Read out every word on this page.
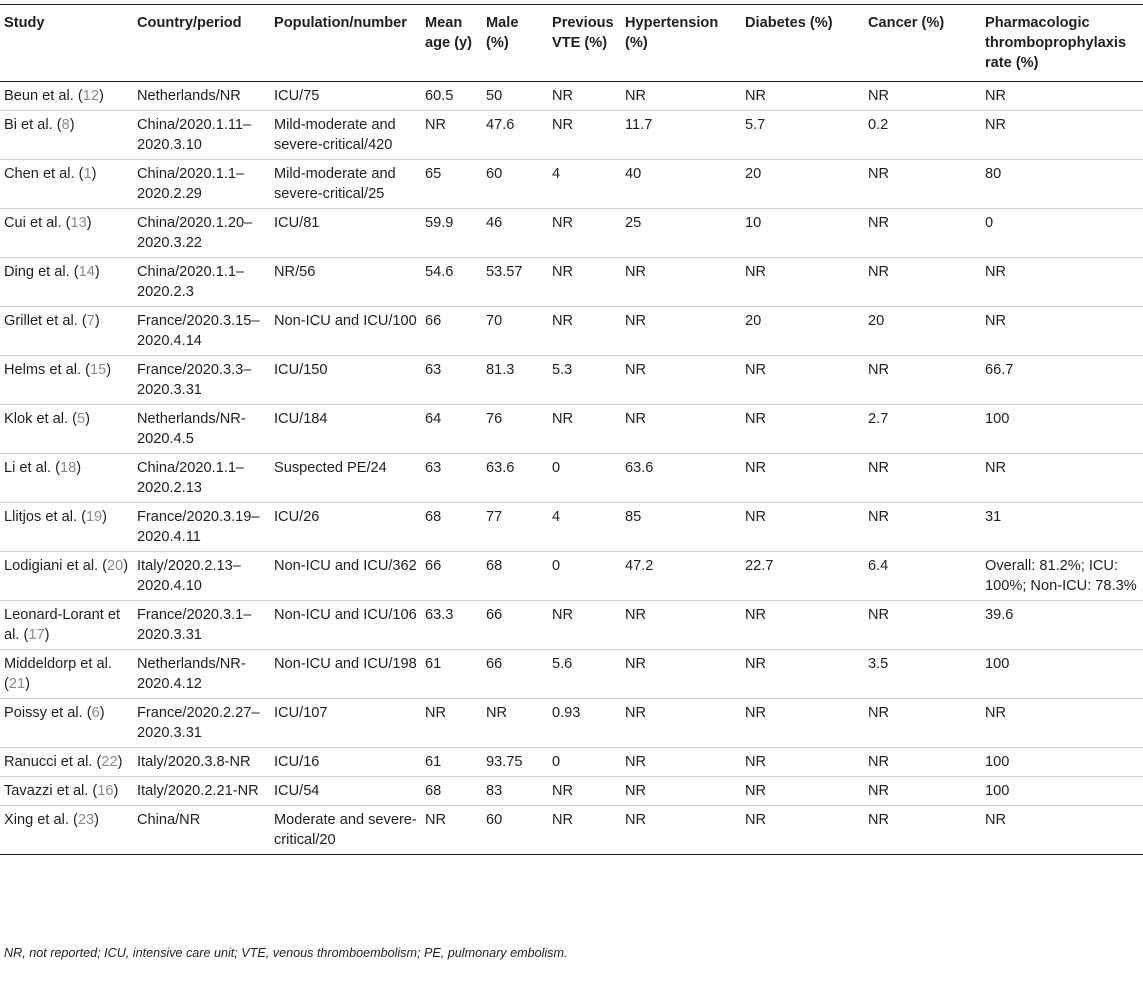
Study	Country/period	Population/number	Mean age (y)	Male (%)	Previous VTE (%)	Hypertension (%)	Diabetes (%)	Cancer (%)	Pharmacologic thromboprophylaxis rate (%)
Beun et al. (12)	Netherlands/NR	ICU/75	60.5	50	NR	NR	NR	NR	NR
Bi et al. (8)	China/2020.1.11–2020.3.10	Mild-moderate and severe-critical/420	NR	47.6	NR	11.7	5.7	0.2	NR
Chen et al. (1)	China/2020.1.1–2020.2.29	Mild-moderate and severe-critical/25	65	60	4	40	20	NR	80
Cui et al. (13)	China/2020.1.20–2020.3.22	ICU/81	59.9	46	NR	25	10	NR	0
Ding et al. (14)	China/2020.1.1–2020.2.3	NR/56	54.6	53.57	NR	NR	NR	NR	NR
Grillet et al. (7)	France/2020.3.15–2020.4.14	Non-ICU and ICU/100	66	70	NR	NR	20	20	NR
Helms et al. (15)	France/2020.3.3–2020.3.31	ICU/150	63	81.3	5.3	NR	NR	NR	66.7
Klok et al. (5)	Netherlands/NR-2020.4.5	ICU/184	64	76	NR	NR	NR	2.7	100
Li et al. (18)	China/2020.1.1–2020.2.13	Suspected PE/24	63	63.6	0	63.6	NR	NR	NR
Llitjos et al. (19)	France/2020.3.19–2020.4.11	ICU/26	68	77	4	85	NR	NR	31
Lodigiani et al. (20)	Italy/2020.2.13–2020.4.10	Non-ICU and ICU/362	66	68	0	47.2	22.7	6.4	Overall: 81.2%; ICU: 100%; Non-ICU: 78.3%
Leonard-Lorant et al. (17)	France/2020.3.1–2020.3.31	Non-ICU and ICU/106	63.3	66	NR	NR	NR	NR	39.6
Middeldorp et al. (21)	Netherlands/NR-2020.4.12	Non-ICU and ICU/198	61	66	5.6	NR	NR	3.5	100
Poissy et al. (6)	France/2020.2.27–2020.3.31	ICU/107	NR	NR	0.93	NR	NR	NR	NR
Ranucci et al. (22)	Italy/2020.3.8-NR	ICU/16	61	93.75	0	NR	NR	NR	100
Tavazzi et al. (16)	Italy/2020.2.21-NR	ICU/54	68	83	NR	NR	NR	NR	100
Xing et al. (23)	China/NR	Moderate and severe-critical/20	NR	60	NR	NR	NR	NR	NR
NR, not reported; ICU, intensive care unit; VTE, venous thromboembolism; PE, pulmonary embolism.
